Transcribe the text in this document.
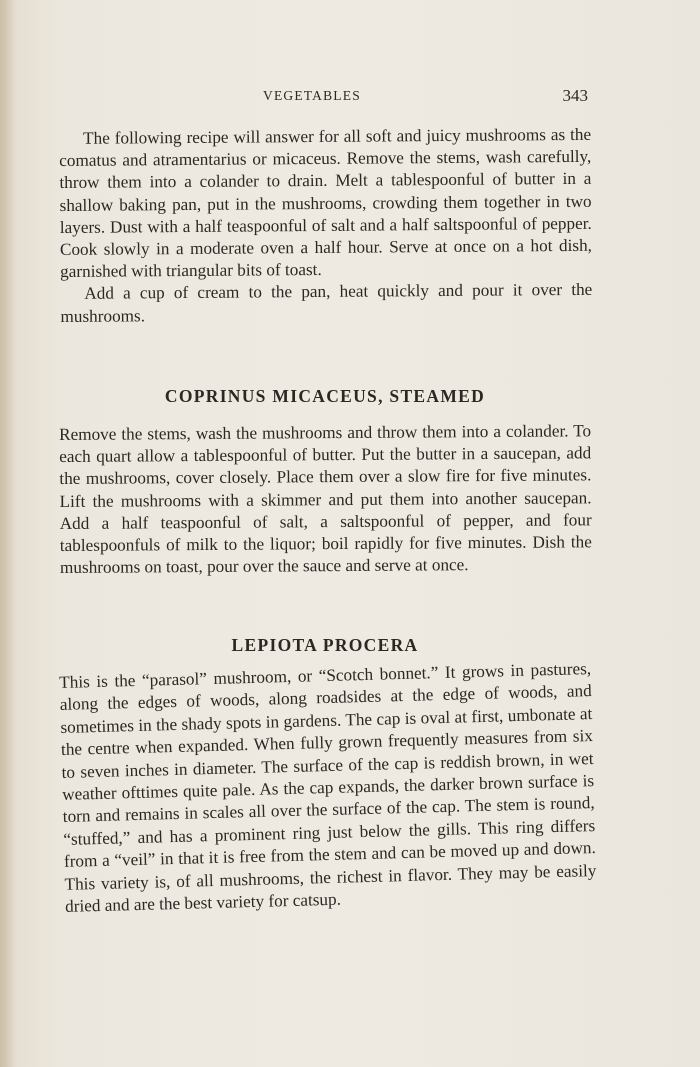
VEGETABLES	343

The following recipe will answer for all soft and juicy mushrooms as the comatus and atramentarius or micaceus. Remove the stems, wash carefully, throw them into a colander to drain. Melt a tablespoonful of butter in a shallow baking pan, put in the mushrooms, crowding them together in two layers. Dust with a half teaspoonful of salt and a half saltspoonful of pepper. Cook slowly in a moderate oven a half hour. Serve at once on a hot dish, garnished with triangular bits of toast.

Add a cup of cream to the pan, heat quickly and pour it over the mushrooms.

COPRINUS MICACEUS, STEAMED

Remove the stems, wash the mushrooms and throw them into a colander. To each quart allow a tablespoonful of butter. Put the butter in a saucepan, add the mushrooms, cover closely. Place them over a slow fire for five minutes. Lift the mushrooms with a skimmer and put them into another saucepan. Add a half teaspoonful of salt, a saltspoonful of pepper, and four tablespoonfuls of milk to the liquor; boil rapidly for five minutes. Dish the mushrooms on toast, pour over the sauce and serve at once.

LEPIOTA PROCERA

This is the “parasol” mushroom, or “Scotch bonnet.” It grows in pastures, along the edges of woods, along roadsides at the edge of woods, and sometimes in the shady spots in gardens. The cap is oval at first, umbonate at the centre when expanded. When fully grown frequently measures from six to seven inches in diameter. The surface of the cap is reddish brown, in wet weather ofttimes quite pale. As the cap expands, the darker brown surface is torn and remains in scales all over the surface of the cap. The stem is round, “stuffed,” and has a prominent ring just below the gills. This ring differs from a “veil” in that it is free from the stem and can be moved up and down. This variety is, of all mushrooms, the richest in flavor. They may be easily dried and are the best variety for catsup.
